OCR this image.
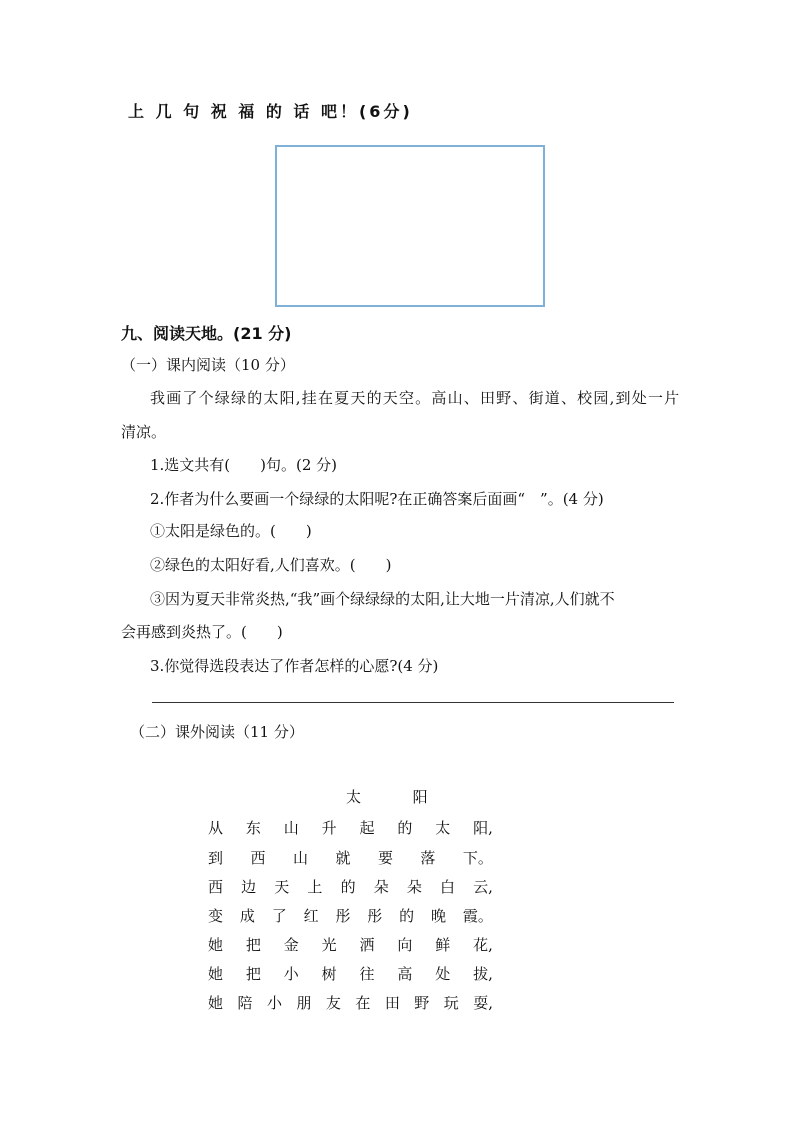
上 几 句 祝 福 的 话 吧！(6分)
九、阅读天地。(21 分)
（一）课内阅读（10 分）
我画了个绿绿的太阳,挂在夏天的天空。高山、田野、街道、校园,到处一片
清凉。
1.选文共有(　　)句。(2 分)
2.作者为什么要画一个绿绿的太阳呢?在正确答案后面画“　”。(4 分)
①太阳是绿色的。(　　)
②绿色的太阳好看,人们喜欢。(　　)
③因为夏天非常炎热,“我”画个绿绿绿的太阳,让大地一片清凉,人们就不
会再感到炎热了。(　　)
3.你觉得选段表达了作者怎样的心愿?(4 分)
（二）课外阅读（11 分）
太	阳
从 东 山 升 起 的 太 阳,
到 西 山 就 要 落 下。
西 边 天 上 的 朵 朵 白 云,
变 成 了 红 彤 彤 的 晚 霞。
她 把 金 光 洒 向 鲜 花,
她 把 小 树 往 高 处 拔,
她 陪 小 朋 友 在 田 野 玩 耍,
